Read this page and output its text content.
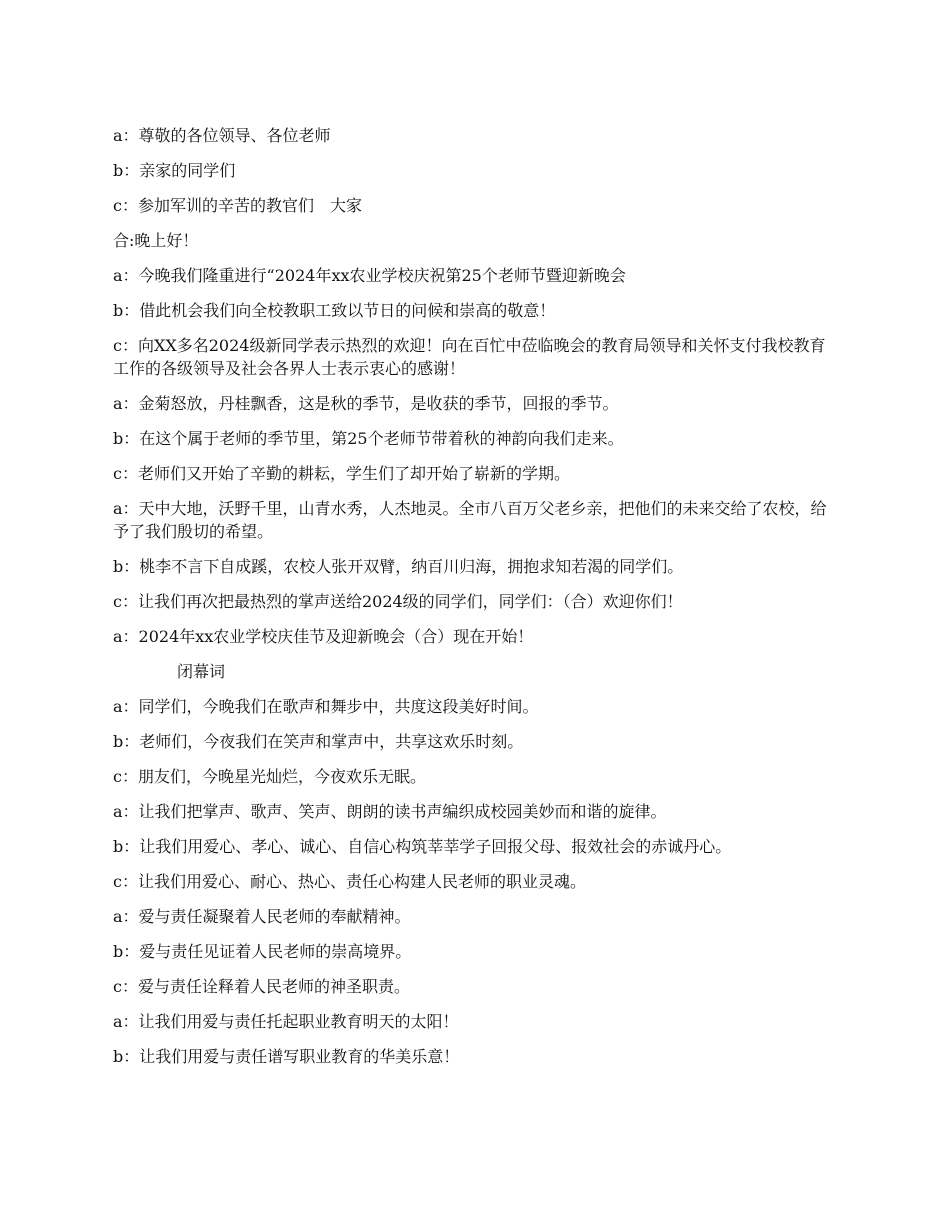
a：尊敬的各位领导、各位老师

b：亲家的同学们

c：参加军训的辛苦的教官们　大家

合:晚上好！

a：今晚我们隆重进行“2024年xx农业学校庆祝第25个老师节暨迎新晚会

b：借此机会我们向全校教职工致以节日的问候和崇高的敬意！

c：向XX多名2024级新同学表示热烈的欢迎！向在百忙中莅临晚会的教育局领导和关怀支付我校教育工作的各级领导及社会各界人士表示衷心的感谢！

a：金菊怒放，丹桂飘香，这是秋的季节，是收获的季节，回报的季节。

b：在这个属于老师的季节里，第25个老师节带着秋的神韵向我们走来。

c：老师们又开始了辛勤的耕耘，学生们了却开始了崭新的学期。

a：天中大地，沃野千里，山青水秀，人杰地灵。全市八百万父老乡亲，把他们的未来交给了农校，给予了我们殷切的希望。

b：桃李不言下自成蹊，农校人张开双臂，纳百川归海，拥抱求知若渴的同学们。

c：让我们再次把最热烈的掌声送给2024级的同学们，同学们：（合）欢迎你们！

a：2024年xx农业学校庆佳节及迎新晚会（合）现在开始！

闭幕词

a：同学们，今晚我们在歌声和舞步中，共度这段美好时间。

b：老师们，今夜我们在笑声和掌声中，共享这欢乐时刻。

c：朋友们，今晚星光灿烂，今夜欢乐无眠。

a：让我们把掌声、歌声、笑声、朗朗的读书声编织成校园美妙而和谐的旋律。

b：让我们用爱心、孝心、诚心、自信心构筑莘莘学子回报父母、报效社会的赤诚丹心。

c：让我们用爱心、耐心、热心、责任心构建人民老师的职业灵魂。

a：爱与责任凝聚着人民老师的奉献精神。

b：爱与责任见证着人民老师的崇高境界。

c：爱与责任诠释着人民老师的神圣职责。

a：让我们用爱与责任托起职业教育明天的太阳！

b：让我们用爱与责任谱写职业教育的华美乐意！
